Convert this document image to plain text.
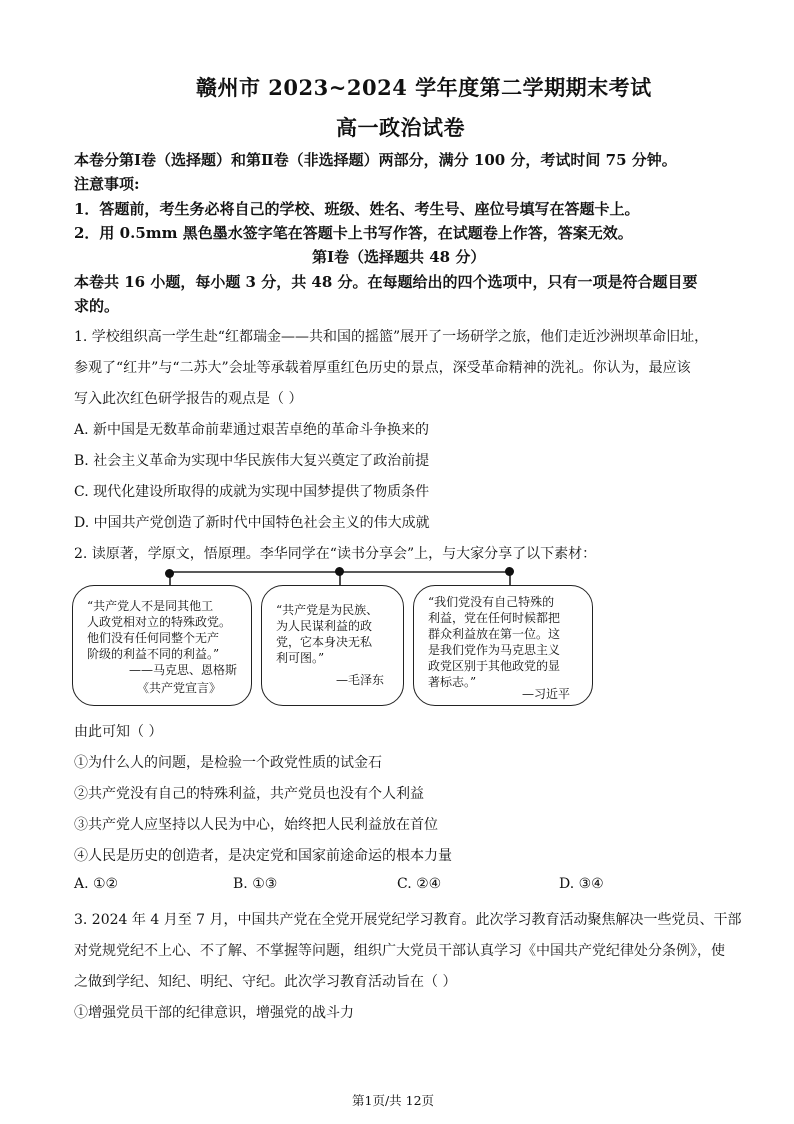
赣州市 2023~2024 学年度第二学期期末考试
高一政治试卷
本卷分第Ⅰ卷（选择题）和第Ⅱ卷（非选择题）两部分，满分 100 分，考试时间 75 分钟。
注意事项:
1．答题前，考生务必将自己的学校、班级、姓名、考生号、座位号填写在答题卡上。
2．用 0.5mm 黑色墨水签字笔在答题卡上书写作答，在试题卷上作答，答案无效。
第Ⅰ卷（选择题共 48 分）
本卷共 16 小题，每小题 3 分，共 48 分。在每题给出的四个选项中，只有一项是符合题目要
求的。
1. 学校组织高一学生赴“红都瑞金——共和国的摇篮”展开了一场研学之旅，他们走近沙洲坝革命旧址，
参观了“红井”与“二苏大”会址等承载着厚重红色历史的景点，深受革命精神的洗礼。你认为，最应该
写入此次红色研学报告的观点是（ ）
A. 新中国是无数革命前辈通过艰苦卓绝的革命斗争换来的
B. 社会主义革命为实现中华民族伟大复兴奠定了政治前提
C. 现代化建设所取得的成就为实现中国梦提供了物质条件
D. 中国共产党创造了新时代中国特色社会主义的伟大成就
2. 读原著，学原文，悟原理。李华同学在“读书分享会”上，与大家分享了以下素材：
“共产党人不是同其他工
人政党相对立的特殊政党。
他们没有任何同整个无产
阶级的利益不同的利益。”
——马克思、恩格斯
《共产党宣言》
“共产党是为民族、
为人民谋利益的政
党，它本身决无私
利可图。”
—毛泽东
“我们党没有自己特殊的
利益，党在任何时候都把
群众利益放在第一位。这
是我们党作为马克思主义
政党区别于其他政党的显
著标志。”
—习近平
由此可知（ ）
①为什么人的问题，是检验一个政党性质的试金石
②共产党没有自己的特殊利益，共产党员也没有个人利益
③共产党人应坚持以人民为中心，始终把人民利益放在首位
④人民是历史的创造者，是决定党和国家前途命运的根本力量
A. ①②	B. ①③	C. ②④	D. ③④
3. 2024 年 4 月至 7 月，中国共产党在全党开展党纪学习教育。此次学习教育活动聚焦解决一些党员、干部
对党规党纪不上心、不了解、不掌握等问题，组织广大党员干部认真学习《中国共产党纪律处分条例》，使
之做到学纪、知纪、明纪、守纪。此次学习教育活动旨在（ ）
①增强党员干部的纪律意识，增强党的战斗力
第1页/共 12页
